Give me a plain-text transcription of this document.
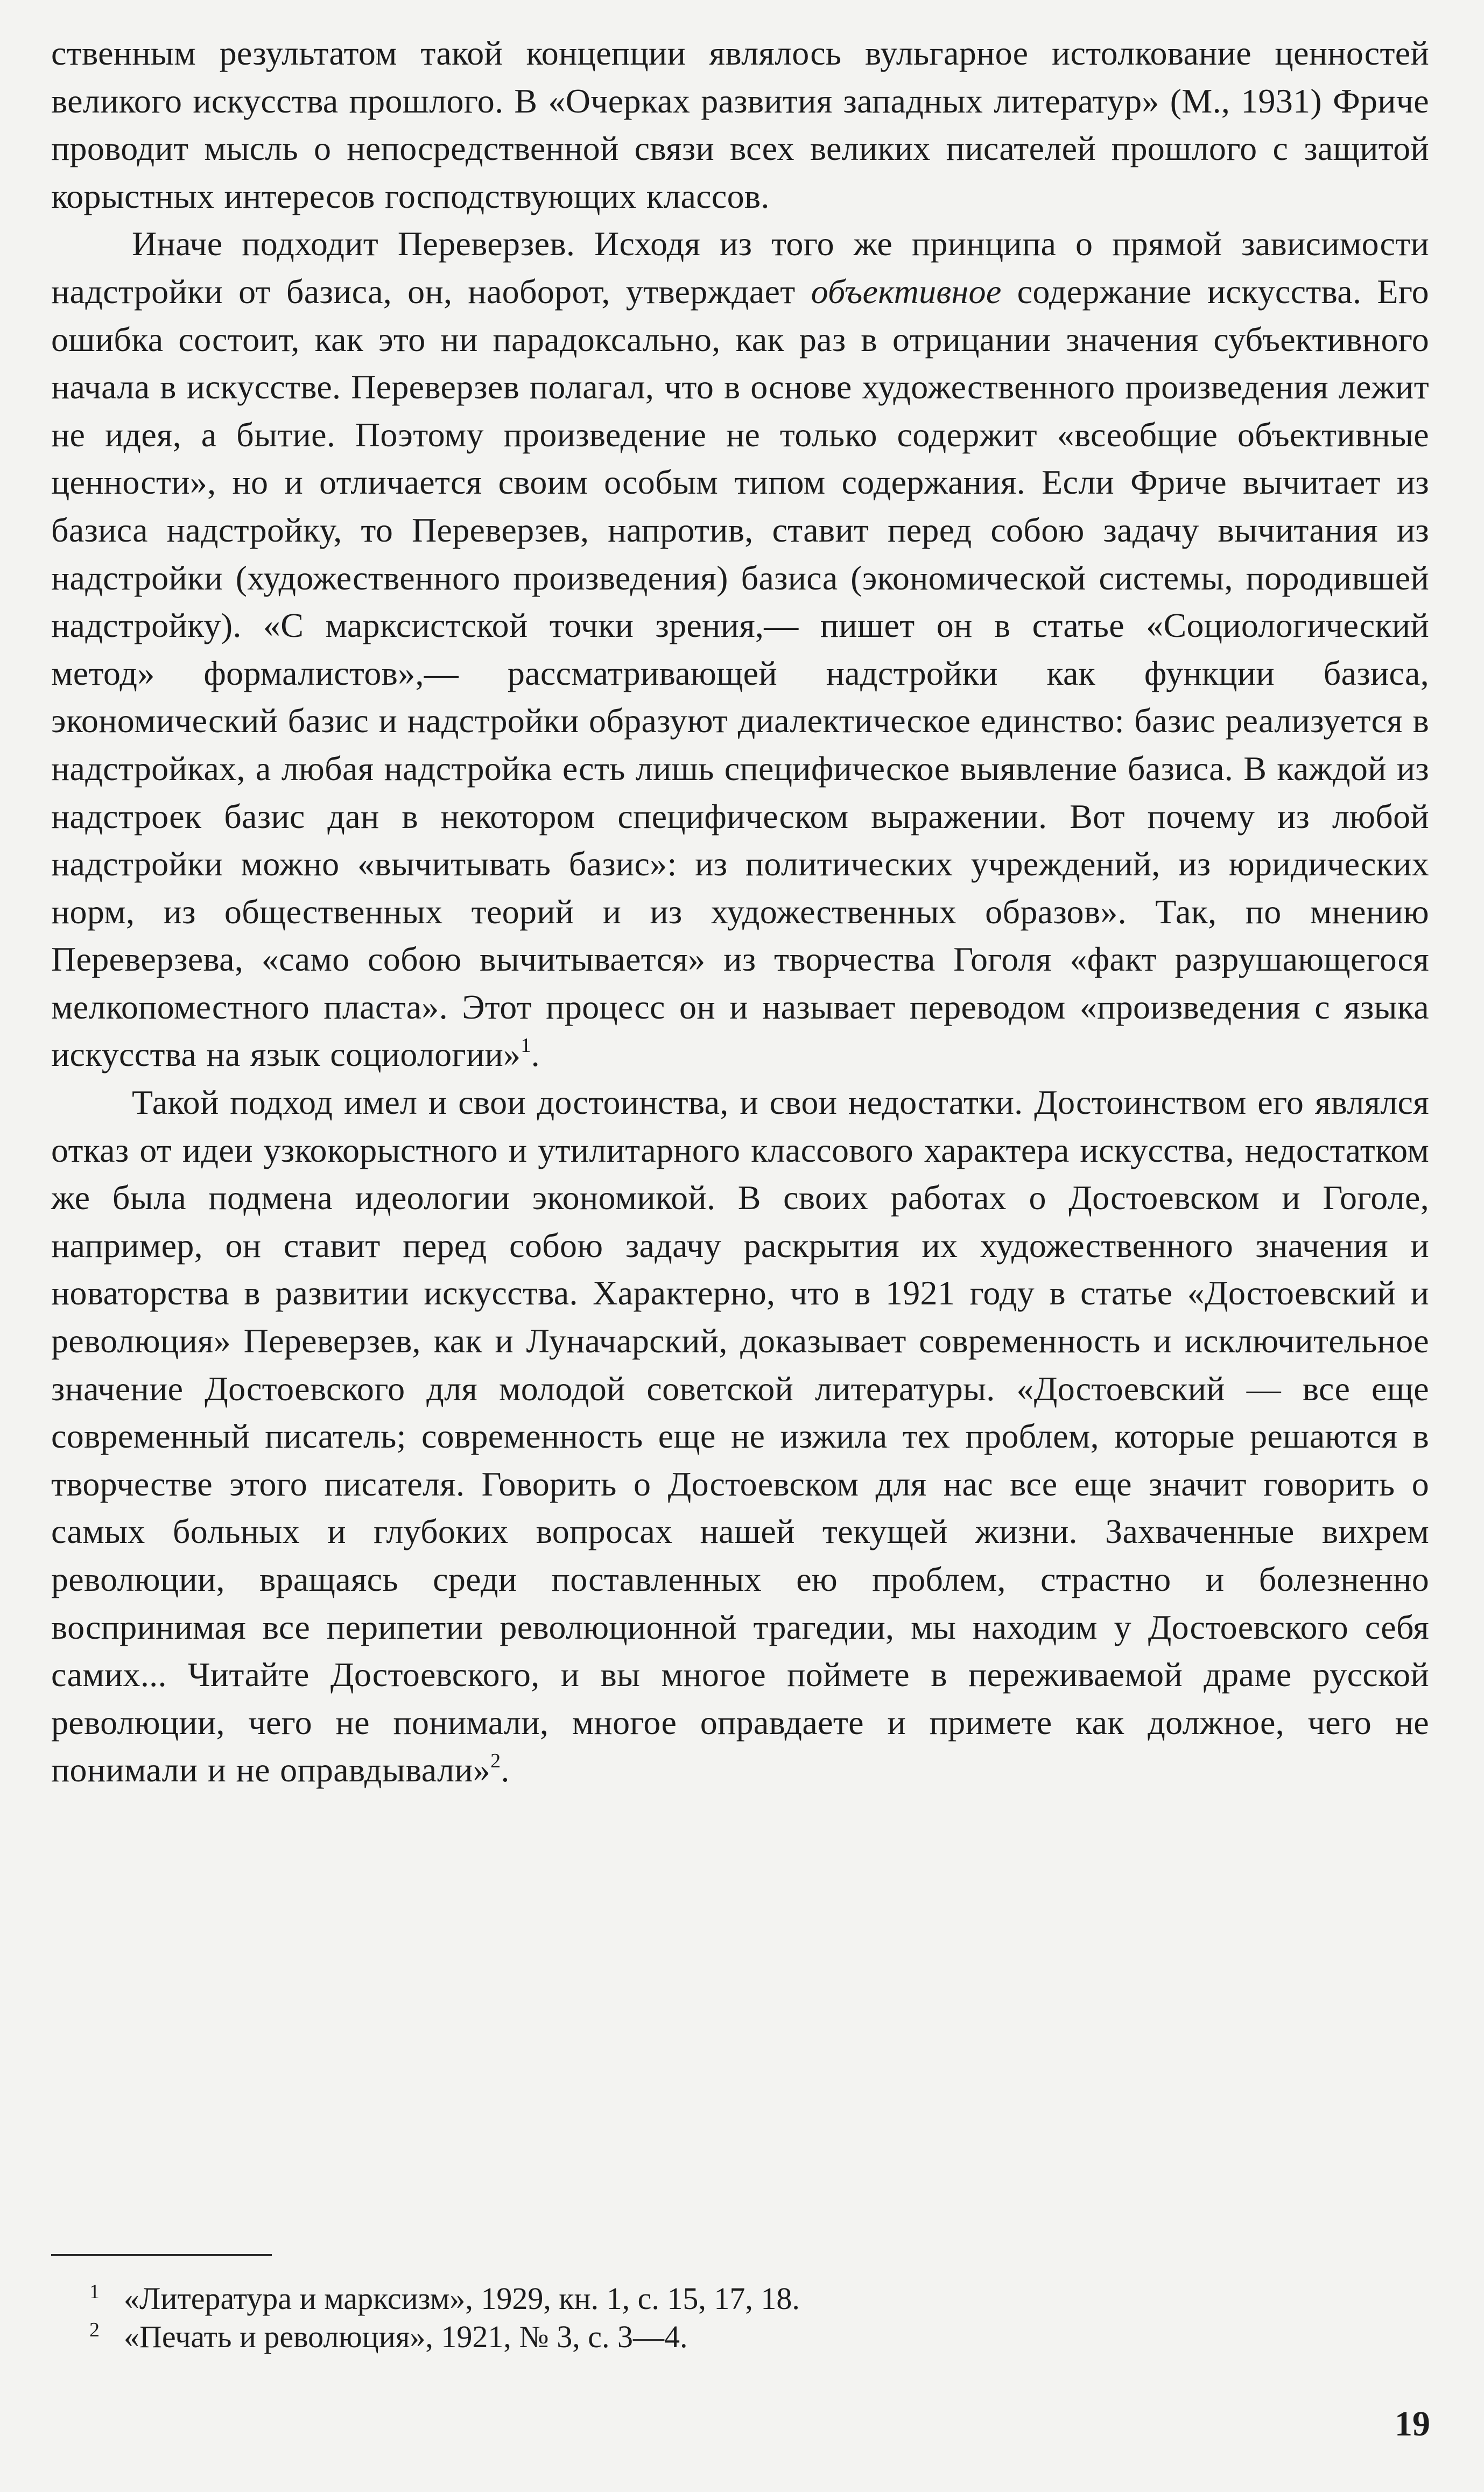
ственным результатом такой концепции являлось вульгарное истолкование ценностей великого искусства прошлого. В «Очерках развития западных литератур» (М., 1931) Фриче проводит мысль о непосредственной связи всех великих писателей прошлого с защитой корыстных интересов господствующих классов.

Иначе подходит Переверзев. Исходя из того же принципа о прямой зависимости надстройки от базиса, он, наоборот, утверждает объективное содержание искусства. Его ошибка состоит, как это ни парадоксально, как раз в отрицании значения субъективного начала в искусстве. Переверзев полагал, что в основе художественного произведения лежит не идея, а бытие. Поэтому произведение не только содержит «всеобщие объективные ценности», но и отличается своим особым типом содержания. Если Фриче вычитает из базиса надстройку, то Переверзев, напротив, ставит перед собою задачу вычитания из надстройки (художественного произведения) базиса (экономической системы, породившей надстройку). «С марксистской точки зрения,— пишет он в статье «Социологический метод» формалистов»,— рассматривающей надстройки как функции базиса, экономический базис и надстройки образуют диалектическое единство: базис реализуется в надстройках, а любая надстройка есть лишь специфическое выявление базиса. В каждой из надстроек базис дан в некотором специфическом выражении. Вот почему из любой надстройки можно «вычитывать базис»: из политических учреждений, из юридических норм, из общественных теорий и из художественных образов». Так, по мнению Переверзева, «само собою вычитывается» из творчества Гоголя «факт разрушающегося мелкопоместного пласта». Этот процесс он и называет переводом «произведения с языка искусства на язык социологии»$^1$.

Такой подход имел и свои достоинства, и свои недостатки. Достоинством его являлся отказ от идеи узкокорыстного и утилитарного классового характера искусства, недостатком же была подмена идеологии экономикой. В своих работах о Достоевском и Гоголе, например, он ставит перед собою задачу раскрытия их художественного значения и новаторства в развитии искусства. Характерно, что в 1921 году в статье «Достоевский и революция» Переверзев, как и Луначарский, доказывает современность и исключительное значение Достоевского для молодой советской литературы. «Достоевский — все еще современный писатель; современность еще не изжила тех проблем, которые решаются в творчестве этого писателя. Говорить о Достоевском для нас все еще значит говорить о самых больных и глубоких вопросах нашей текущей жизни. Захваченные вихрем революции, вращаясь среди поставленных ею проблем, страстно и болезненно воспринимая все перипетии революционной трагедии, мы находим у Достоевского себя самих... Читайте Достоевского, и вы многое поймете в переживаемой драме русской революции, чего не понимали, многое оправдаете и примете как должное, чего не понимали и не оправдывали»$^2$.

1 «Литература и марксизм», 1929, кн. 1, с. 15, 17, 18.

2 «Печать и революция», 1921, № 3, с. 3—4.

19
